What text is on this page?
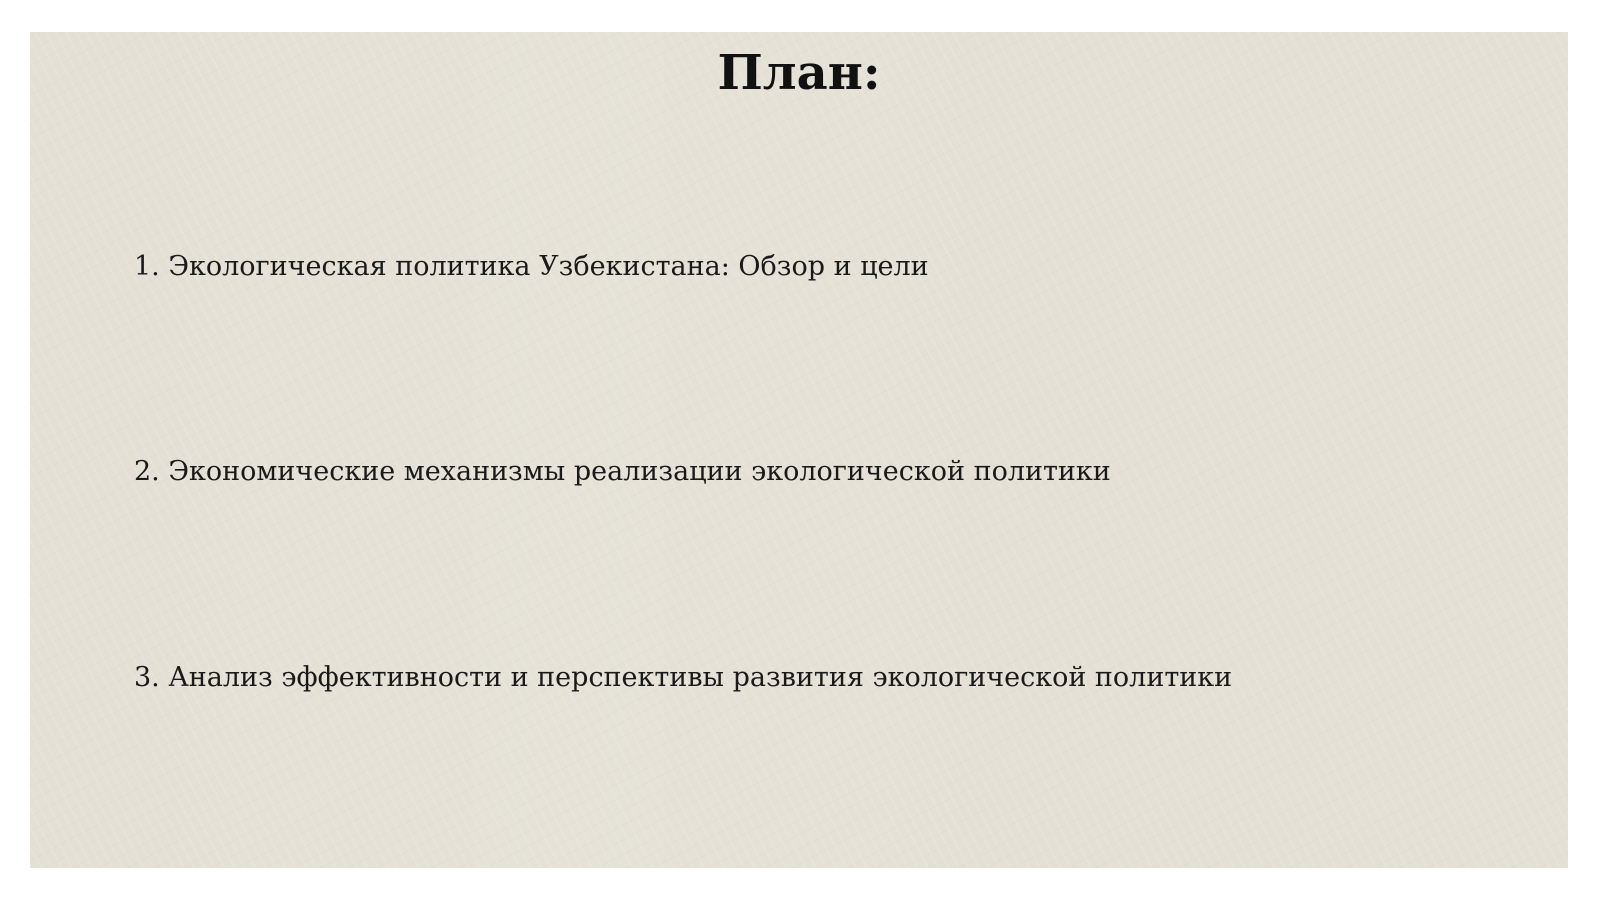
План:

1. Экологическая политика Узбекистана: Обзор и цели

2. Экономические механизмы реализации экологической политики

3. Анализ эффективности и перспективы развития экологической политики
